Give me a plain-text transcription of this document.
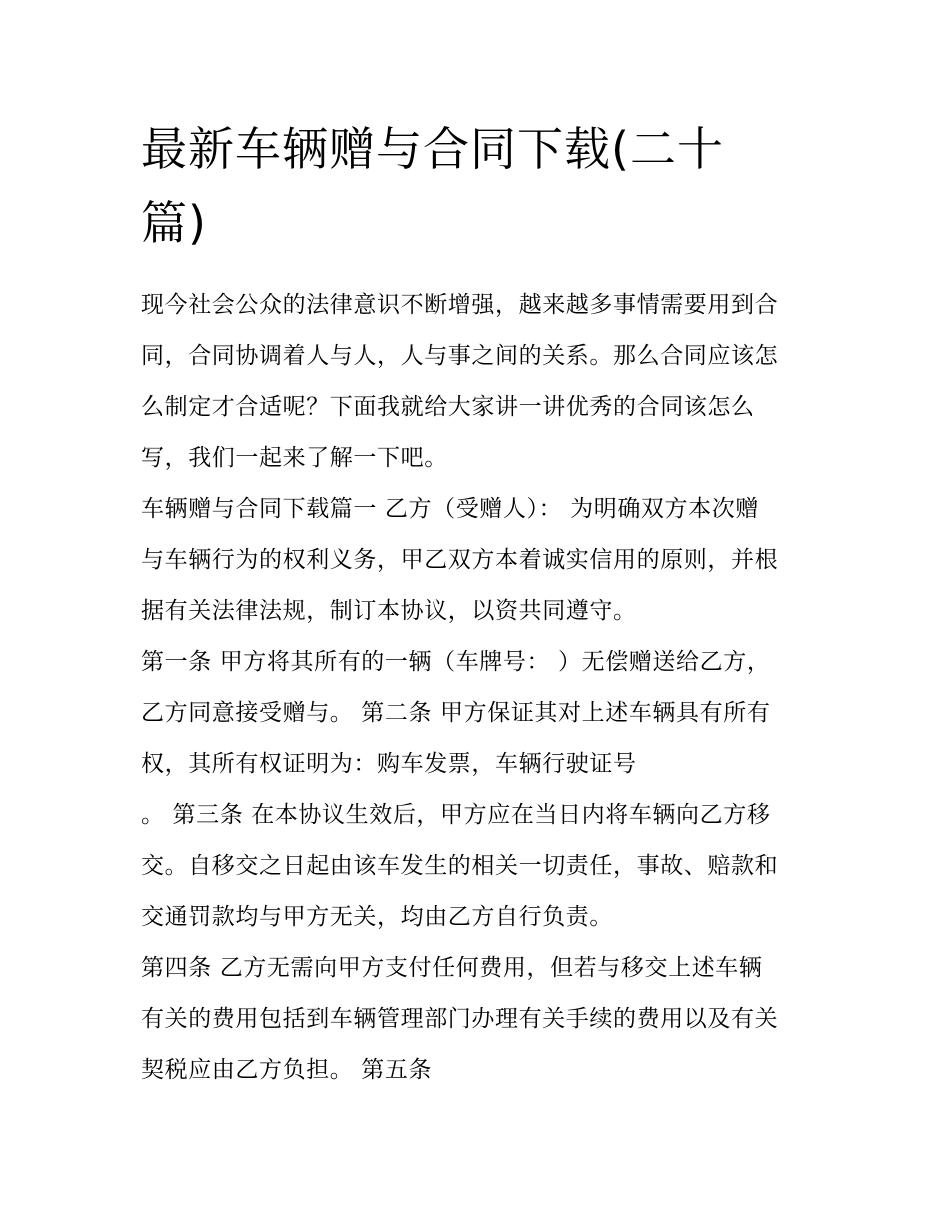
最新车辆赠与合同下载(二十
篇)

现今社会公众的法律意识不断增强，越来越多事情需要用到合
同，合同协调着人与人，人与事之间的关系。那么合同应该怎
么制定才合适呢？下面我就给大家讲一讲优秀的合同该怎么
写，我们一起来了解一下吧。

车辆赠与合同下载篇一 乙方（受赠人）： 为明确双方本次赠
与车辆行为的权利义务，甲乙双方本着诚实信用的原则，并根
据有关法律法规，制订本协议，以资共同遵守。

第一条 甲方将其所有的一辆（车牌号： ）无偿赠送给乙方，
乙方同意接受赠与。 第二条 甲方保证其对上述车辆具有所有
权，其所有权证明为：购车发票，车辆行驶证号
。 第三条 在本协议生效后，甲方应在当日内将车辆向乙方移
交。自移交之日起由该车发生的相关一切责任，事故、赔款和
交通罚款均与甲方无关，均由乙方自行负责。

第四条 乙方无需向甲方支付任何费用，但若与移交上述车辆
有关的费用包括到车辆管理部门办理有关手续的费用以及有关
契税应由乙方负担。 第五条
